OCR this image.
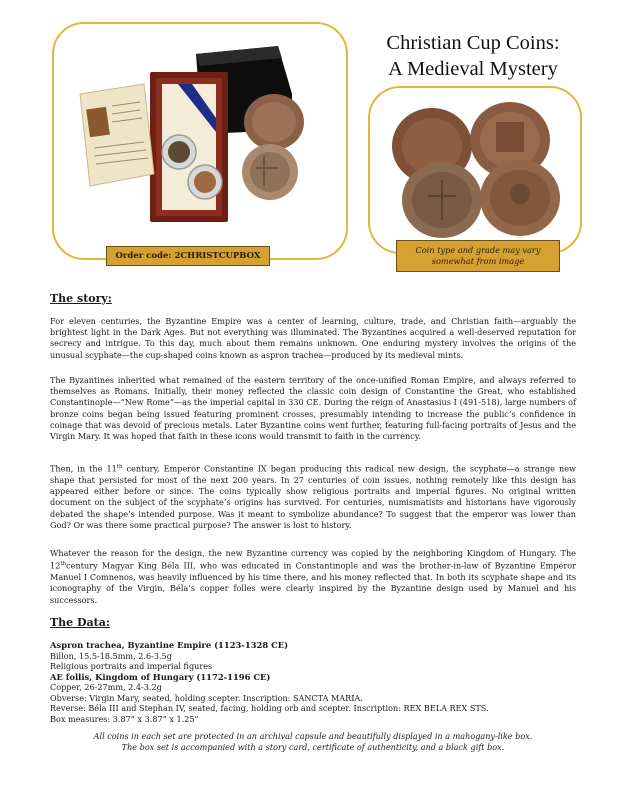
Order code: 2CHRISTCUPBOX
Christian Cup Coins:
A Medieval Mystery
Coin type and grade may vary
somewhat from image
The story:

For eleven centuries, the Byzantine Empire was a center of learning, culture, trade, and Christian faith—arguably the brightest light in the Dark Ages. But not everything was illuminated. The Byzantines acquired a well-deserved reputation for secrecy and intrigue. To this day, much about them remains unknown. One enduring mystery involves the origins of the unusual scyphate—the cup-shaped coins known as aspron trachea—produced by its medieval mints.

The Byzantines inherited what remained of the eastern territory of the once-unified Roman Empire, and always referred to themselves as Romans. Initially, their money reflected the classic coin design of Constantine the Great, who established Constantinople—“New Rome”—as the imperial capital in 330 CE. During the reign of Anastasius I (491-518), large numbers of bronze coins began being issued featuring prominent crosses, presumably intending to increase the public’s confidence in coinage that was devoid of precious metals. Later Byzantine coins went further, featuring full-facing portraits of Jesus and the Virgin Mary. It was hoped that faith in these icons would transmit to faith in the currency.

Then, in the 11th century, Emperor Constantine IX began producing this radical new design, the scyphate—a strange new shape that persisted for most of the next 200 years. In 27 centuries of coin issues, nothing remotely like this design has appeared either before or since. The coins typically show religious portraits and imperial figures. No original written document on the subject of the scyphate’s origins has survived. For centuries, numismatists and historians have vigorously debated the shape’s intended purpose. Was it meant to symbolize abundance? To suggest that the emperor was lower than God? Or was there some practical purpose? The answer is lost to history.

Whatever the reason for the design, the new Byzantine currency was copied by the neighboring Kingdom of Hungary. The 12thcentury Magyar King Béla III, who was educated in Constantinople and was the brother-in-law of Byzantine Emperor Manuel I Comnenos, was heavily influenced by his time there, and his money reflected that. In both its scyphate shape and its iconography of the Virgin, Béla’s copper folles were clearly inspired by the Byzantine design used by Manuel and his successors.

The Data:
Aspron trachea, Byzantine Empire (1123-1328 CE)
Billon, 15.5-18.5mm, 2.6-3.5g
Religious portraits and imperial figures
AE follis, Kingdom of Hungary (1172-1196 CE)
Copper, 26-27mm, 2.4-3.2g
Obverse: Virgin Mary, seated, holding scepter. Inscription: SANCTA MARIA.
Reverse: Béla III and Stephan IV, seated, facing, holding orb and scepter. Inscription: REX BELA REX STS.
Box measures: 3.87” x 3.87” x 1.25”
All coins in each set are protected in an archival capsule and beautifully displayed in a mahogany-like box.
The box set is accompanied with a story card, certificate of authenticity, and a black gift box.
